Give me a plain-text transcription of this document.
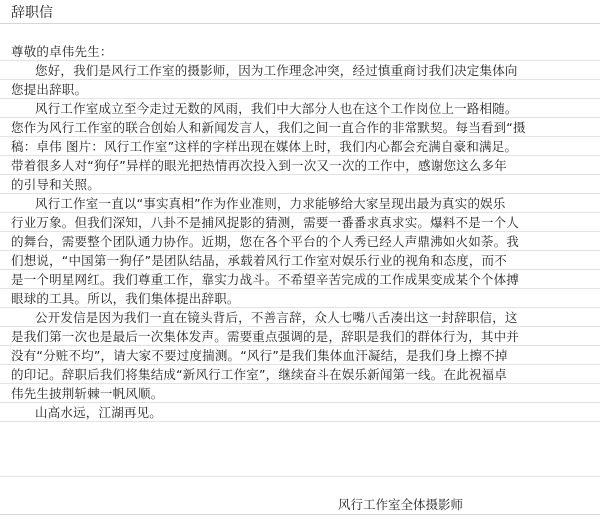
辞职信
尊敬的卓伟先生：
您好，我们是风行工作室的摄影师，因为工作理念冲突，经过慎重商讨我们决定集体向
您提出辞职。
风行工作室成立至今走过无数的风雨，我们中大部分人也在这个工作岗位上一路相随。
您作为风行工作室的联合创始人和新闻发言人，我们之间一直合作的非常默契。每当看到“摄
稿：卓伟 图片：风行工作室”这样的字样出现在媒体上时，我们内心都会充满自豪和满足。
带着很多人对“狗仔”异样的眼光把热情再次投入到一次又一次的工作中，感谢您这么多年
的引导和关照。
风行工作室一直以“事实真相”作为作业准则，力求能够给大家呈现出最为真实的娱乐
行业万象。但我们深知，八卦不是捕风捉影的猜测，需要一番番求真求实。爆料不是一个人
的舞台，需要整个团队通力协作。近期，您在各个平台的个人秀已经人声鼎沸如火如荼。我
们想说，“中国第一狗仔”是团队结晶，承载着风行工作室对娱乐行业的视角和态度，而不
是一个明星网红。我们尊重工作，靠实力战斗。不希望辛苦完成的工作成果变成某个个体搏
眼球的工具。所以，我们集体提出辞职。
公开发信是因为我们一直在镜头背后，不善言辞，众人七嘴八舌凑出这一封辞职信，这
是我们第一次也是最后一次集体发声。需要重点强调的是，辞职是我们的群体行为，其中并
没有“分赃不均”，请大家不要过度揣测。“风行”是我们集体血汗凝结，是我们身上擦不掉
的印记。辞职后我们将集结成“新风行工作室”，继续奋斗在娱乐新闻第一线。在此祝福卓
伟先生披荆斩棘一帆风顺。
山高水远，江湖再见。
风行工作室全体摄影师
